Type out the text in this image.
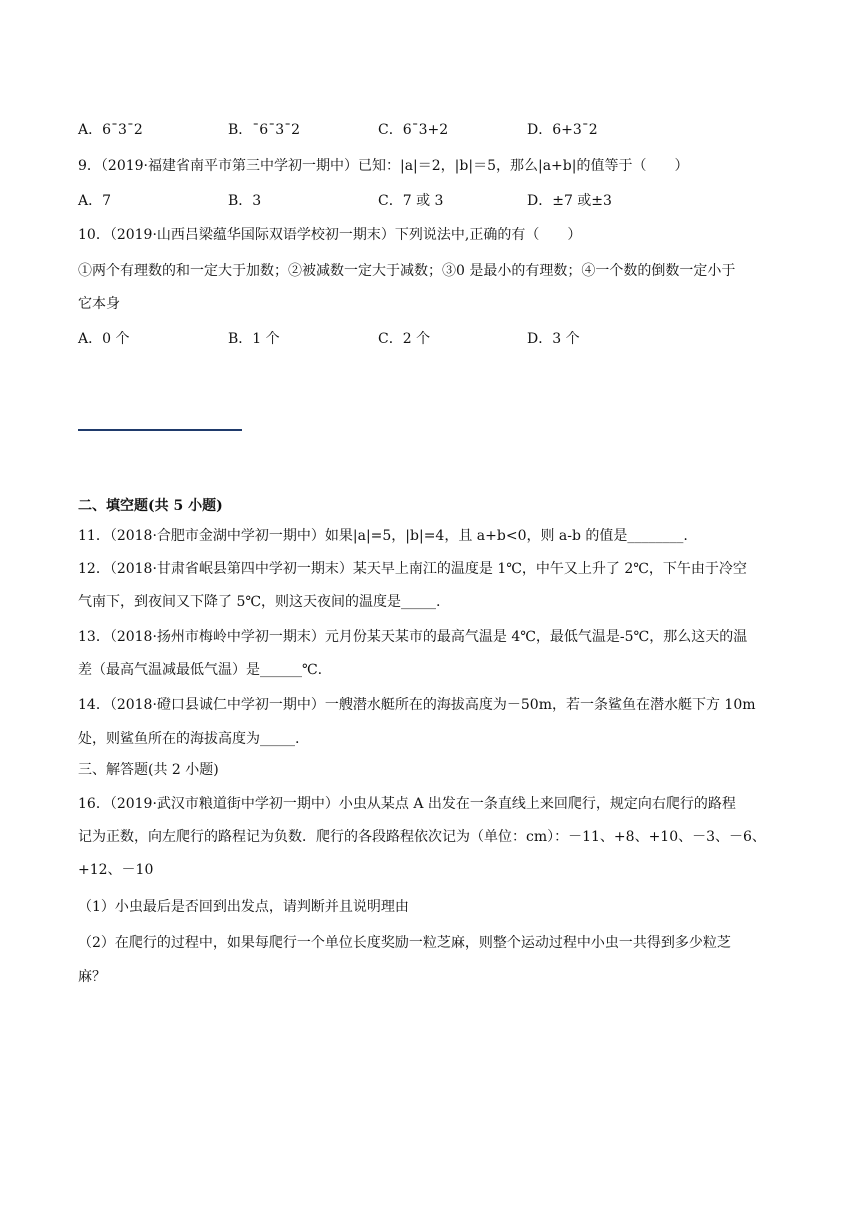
A．6ˉ3ˉ2	B．ˉ6ˉ3ˉ2	C．6ˉ3+2	D．6+3ˉ2
9．（2019·福建省南平市第三中学初一期中）已知：|a|＝2，|b|＝5，那么|a+b|的值等于（　　）
A．7	B．3	C．7 或 3	D．±7 或±3
10．（2019·山西吕梁蕴华国际双语学校初一期末）下列说法中,正确的有（　　）
①两个有理数的和一定大于加数；②被减数一定大于减数；③0 是最小的有理数；④一个数的倒数一定小于
它本身
A．0 个	B．1 个	C．2 个	D．3 个
二、填空题(共 5 小题)
11．（2018·合肥市金湖中学初一期中）如果|a|=5，|b|=4，且 a+b<0，则 a-b 的值是________.
12．（2018·甘肃省岷县第四中学初一期末）某天早上南江的温度是 1℃，中午又上升了 2℃，下午由于冷空
气南下，到夜间又下降了 5℃，则这天夜间的温度是_____.
13．（2018·扬州市梅岭中学初一期末）元月份某天某市的最高气温是 4℃，最低气温是-5℃，那么这天的温
差（最高气温减最低气温）是______℃.
14．（2018·磴口县诚仁中学初一期中）一艘潜水艇所在的海拔高度为－50m，若一条鲨鱼在潜水艇下方 10m
处，则鲨鱼所在的海拔高度为_____.
三、解答题(共 2 小题)
16．（2019·武汉市粮道街中学初一期中）小虫从某点 A 出发在一条直线上来回爬行，规定向右爬行的路程
记为正数，向左爬行的路程记为负数．爬行的各段路程依次记为（单位：cm）：－11、+8、+10、－3、－6、
+12、－10
（1）小虫最后是否回到出发点，请判断并且说明理由
（2）在爬行的过程中，如果每爬行一个单位长度奖励一粒芝麻，则整个运动过程中小虫一共得到多少粒芝
麻？
